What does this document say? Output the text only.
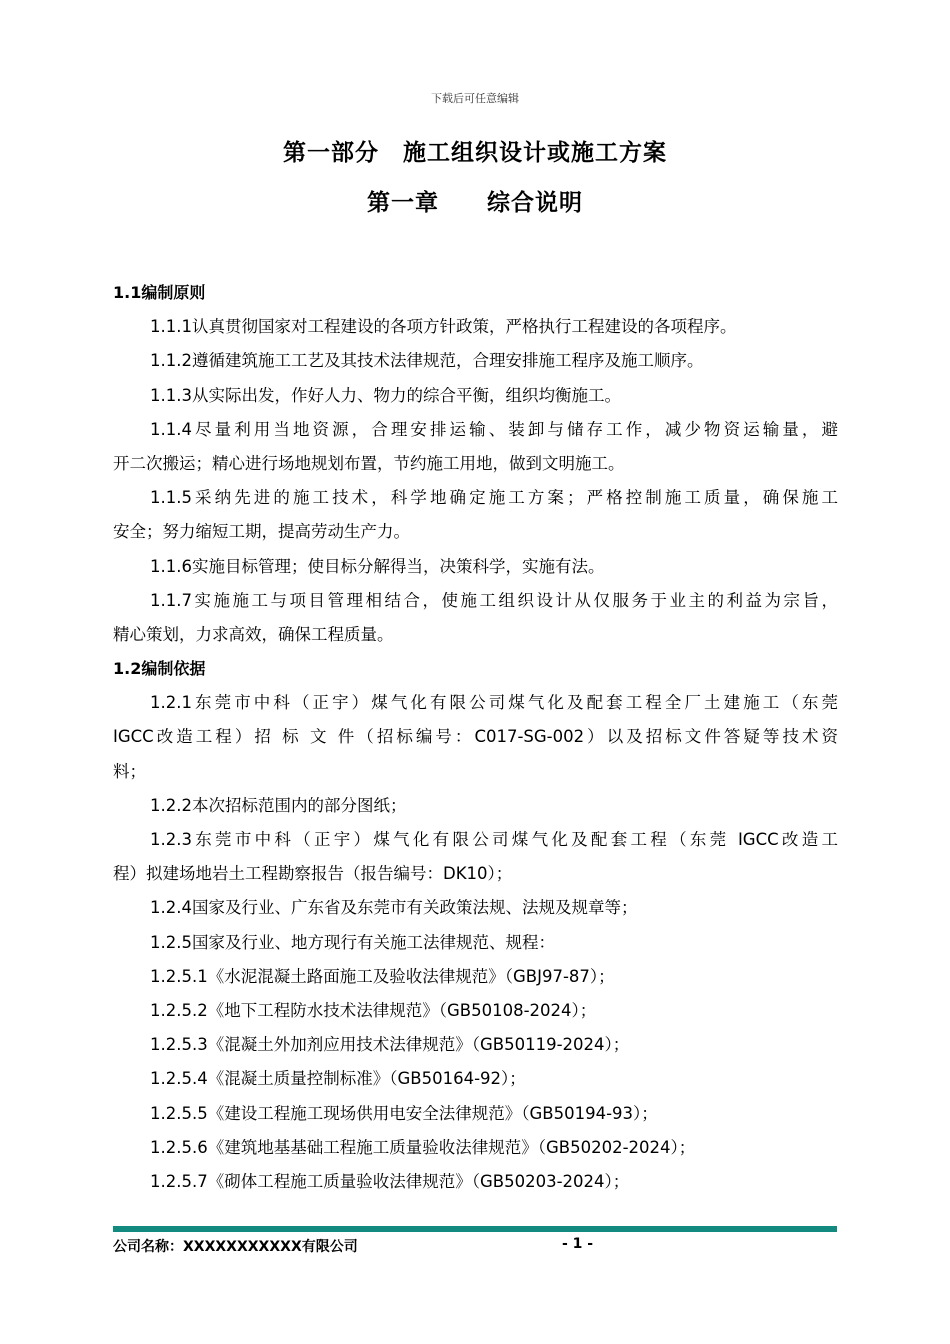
下载后可任意编辑
第一部分　施工组织设计或施工方案
第一章　　综合说明
1.1编制原则
1.1.1认真贯彻国家对工程建设的各项方针政策，严格执行工程建设的各项程序。
1.1.2遵循建筑施工工艺及其技术法律规范，合理安排施工程序及施工顺序。
1.1.3从实际出发，作好人力、物力的综合平衡，组织均衡施工。
1.1.4尽量利用当地资源，合理安排运输、装卸与储存工作，减少物资运输量，避
开二次搬运；精心进行场地规划布置，节约施工用地，做到文明施工。
1.1.5采纳先进的施工技术，科学地确定施工方案；严格控制施工质量，确保施工
安全；努力缩短工期，提高劳动生产力。
1.1.6实施目标管理；使目标分解得当，决策科学，实施有法。
1.1.7实施施工与项目管理相结合，使施工组织设计从仅服务于业主的利益为宗旨，
精心策划，力求高效，确保工程质量。
1.2编制依据
1.2.1东莞市中科（正宇）煤气化有限公司煤气化及配套工程全厂土建施工（东莞
IGCC改造工程）招 标 文 件（招标编号：C017-SG-002）以及招标文件答疑等技术资
料；
1.2.2本次招标范围内的部分图纸；
1.2.3东莞市中科（正宇）煤气化有限公司煤气化及配套工程（东莞 IGCC改造工
程）拟建场地岩土工程勘察报告（报告编号：DK10）；
1.2.4国家及行业、广东省及东莞市有关政策法规、法规及规章等；
1.2.5国家及行业、地方现行有关施工法律规范、规程：
1.2.5.1《水泥混凝土路面施工及验收法律规范》（GBJ97-87）；
1.2.5.2《地下工程防水技术法律规范》（GB50108-2024）；
1.2.5.3《混凝土外加剂应用技术法律规范》（GB50119-2024）；
1.2.5.4《混凝土质量控制标准》（GB50164-92）；
1.2.5.5《建设工程施工现场供用电安全法律规范》（GB50194-93）；
1.2.5.6《建筑地基基础工程施工质量验收法律规范》（GB50202-2024）；
1.2.5.7《砌体工程施工质量验收法律规范》（GB50203-2024）；
公司名称：XXXXXXXXXXX有限公司	- 1 -
